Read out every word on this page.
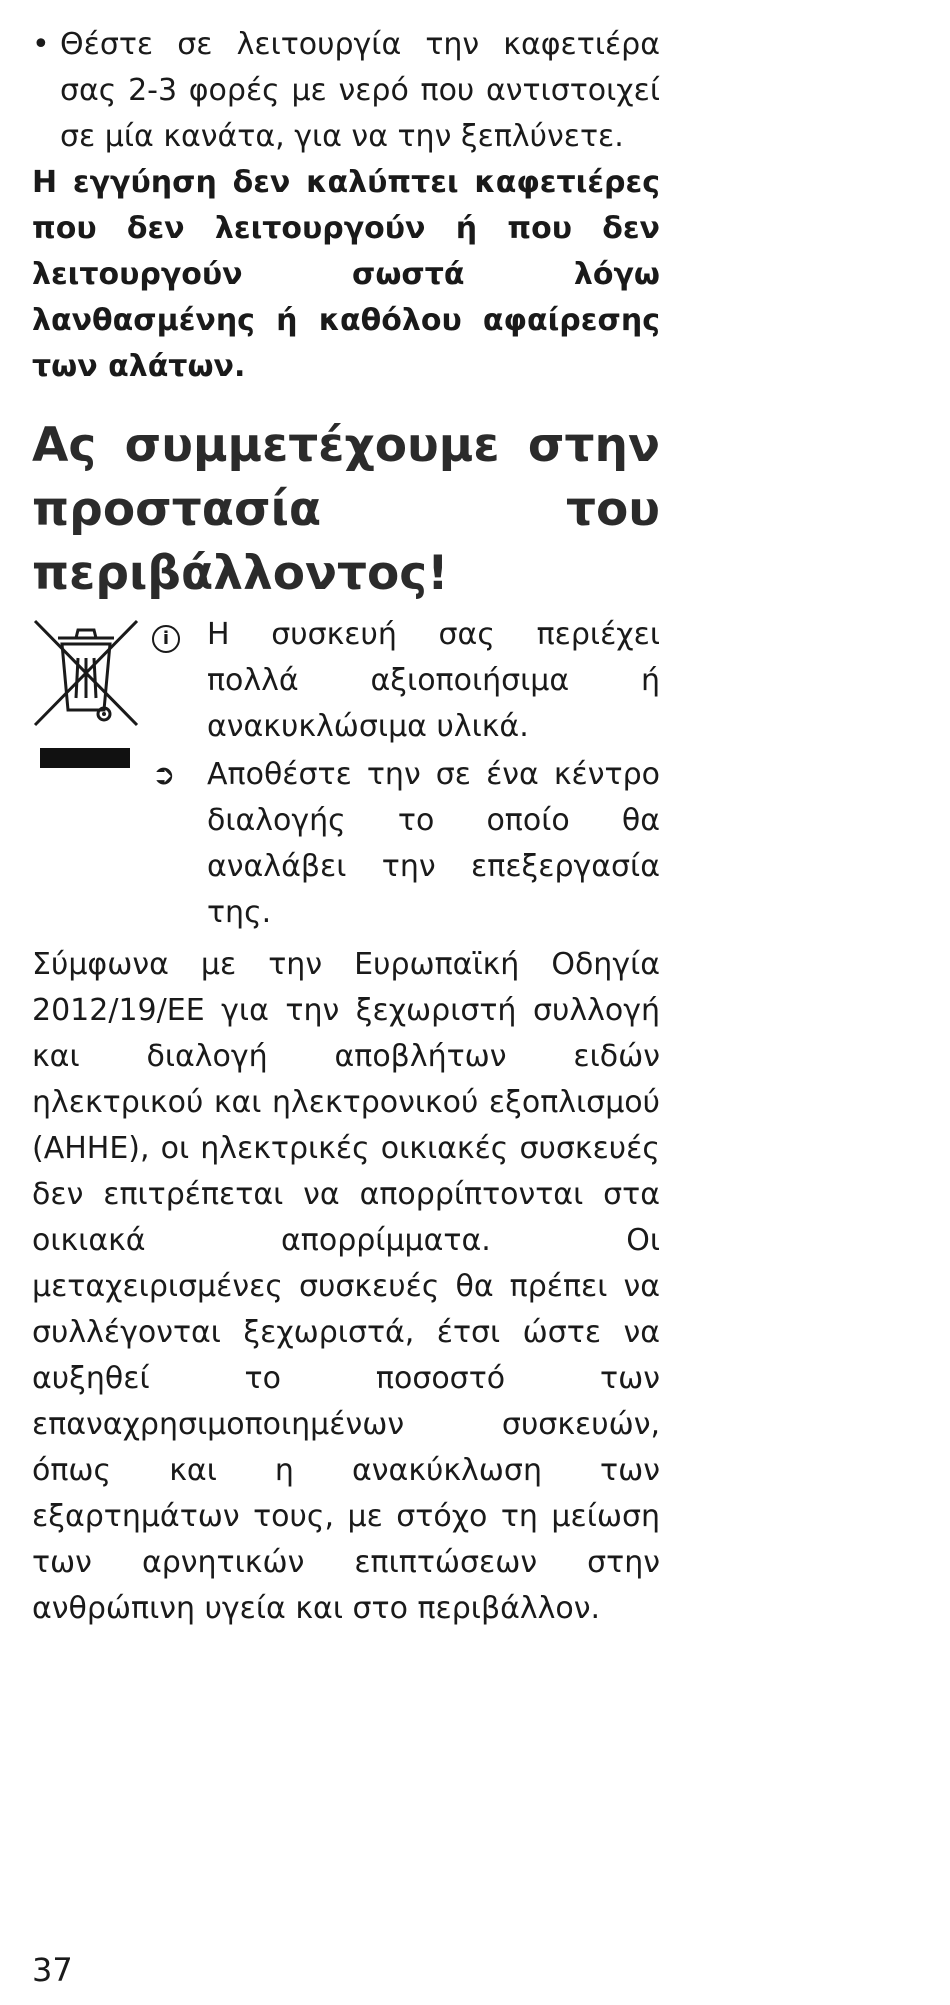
• Θέστε σε λειτουργία την καφετιέρα σας 2-3 φορές με νερό που αντιστοιχεί σε μία κανάτα, για να την ξεπλύνετε.
Η εγγύηση δεν καλύπτει καφετιέρες που δεν λειτουργούν ή που δεν λειτουργούν σωστά λόγω λανθασμένης ή καθόλου αφαίρεσης των αλάτων.
Ας συμμετέχουμε στην προστασία του περιβάλλοντος!
i	Η συσκευή σας περιέχει πολλά αξιοποιήσιμα ή ανακυκλώσιμα υλικά.
➲	Αποθέστε την σε ένα κέντρο διαλογής το οποίο θα αναλάβει την επεξεργασία της.
Σύμφωνα με την Ευρωπαϊκή Οδηγία 2012/19/ΕΕ για την ξεχωριστή συλλογή και διαλογή αποβλήτων ειδών ηλεκτρικού και ηλεκτρονικού εξοπλισμού (ΑΗΗΕ), οι ηλεκτρικές οικιακές συσκευές δεν επιτρέπεται να απορρίπτονται στα οικιακά απορρίμματα. Οι μεταχειρισμένες συσκευές θα πρέπει να συλλέγονται ξεχωριστά, έτσι ώστε να αυξηθεί το ποσοστό των επαναχρησιμοποιημένων συσκευών, όπως και η ανακύκλωση των εξαρτημάτων τους, με στόχο τη μείωση των αρνητικών επιπτώσεων στην ανθρώπινη υγεία και στο περιβάλλον.
37
